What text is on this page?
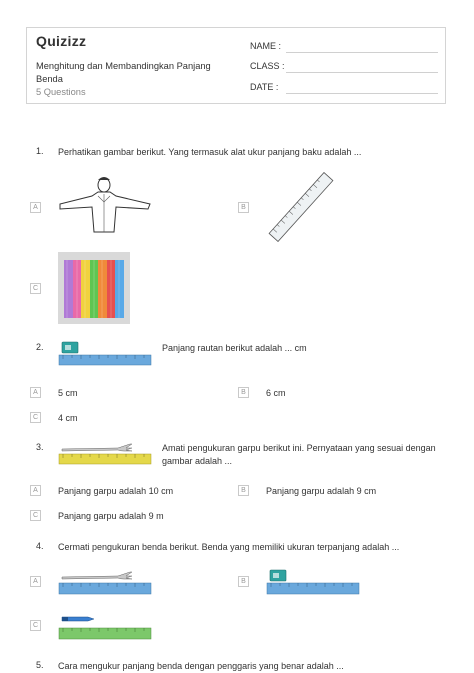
Quizizz
Menghitung dan Membandingkan Panjang Benda
5 Questions
NAME :
CLASS :
DATE :
1. Perhatikan gambar berikut. Yang termasuk alat ukur panjang baku adalah ...
A	B
C
2.	Panjang rautan berikut adalah ... cm
A	5 cm	B	6 cm
C	4 cm
3.	Amati pengukuran garpu berikut ini. Pernyataan yang sesuai dengan gambar adalah ...
A	Panjang garpu adalah 10 cm	B	Panjang garpu adalah 9 cm
C	Panjang garpu adalah 9 m
4. Cermati pengukuran benda berikut. Benda yang memiliki ukuran terpanjang adalah ...
A	B
C
5. Cara mengukur panjang benda dengan penggaris yang benar adalah ...
